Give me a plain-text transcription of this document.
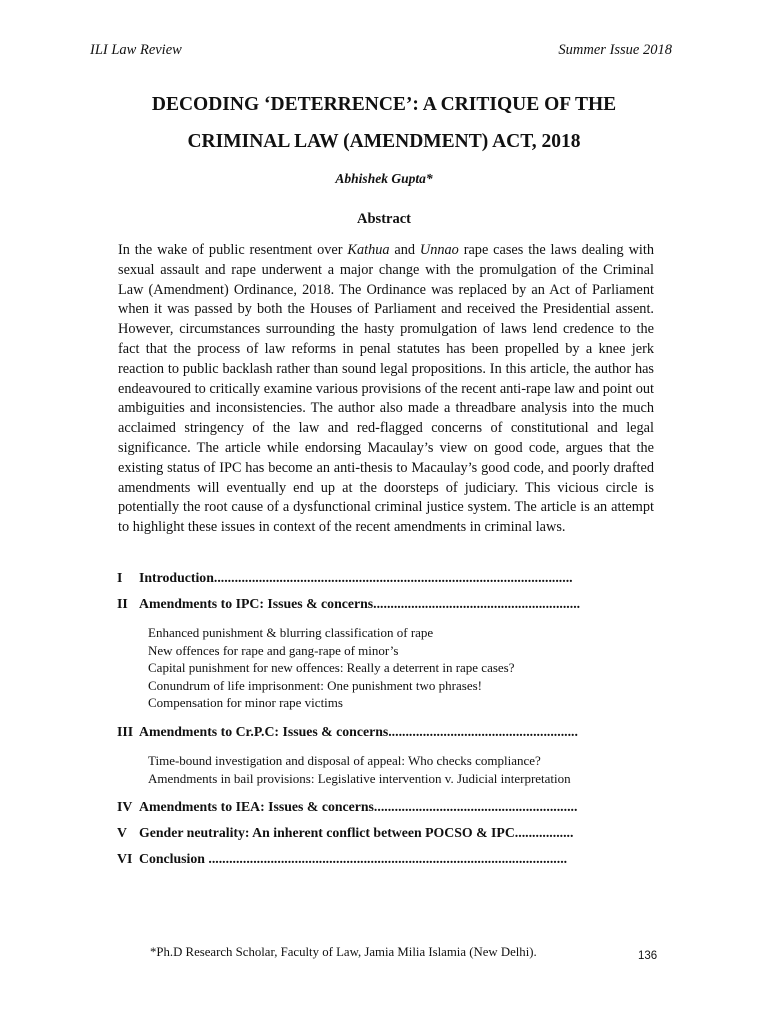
ILI Law Review	Summer Issue 2018
DECODING ‘DETERRENCE’: A CRITIQUE OF THE
CRIMINAL LAW (AMENDMENT) ACT, 2018
Abhishek Gupta*
Abstract
In the wake of public resentment over Kathua and Unnao rape cases the laws dealing with sexual assault and rape underwent a major change with the promulgation of the Criminal Law (Amendment) Ordinance, 2018. The Ordinance was replaced by an Act of Parliament when it was passed by both the Houses of Parliament and received the Presidential assent. However, circumstances surrounding the hasty promulgation of laws lend credence to the fact that the process of law reforms in penal statutes has been propelled by a knee jerk reaction to public backlash rather than sound legal propositions. In this article, the author has endeavoured to critically examine various provisions of the recent anti-rape law and point out ambiguities and inconsistencies. The author also made a threadbare analysis into the much acclaimed stringency of the law and red-flagged concerns of constitutional and legal significance. The article while endorsing Macaulay’s view on good code, argues that the existing status of IPC has become an anti-thesis to Macaulay’s good code, and poorly drafted amendments will eventually end up at the doorsteps of judiciary. This vicious circle is potentially the root cause of a dysfunctional criminal justice system. The article is an attempt to highlight these issues in context of the recent amendments in criminal laws.
I	Introduction........................................................................................................
II Amendments to IPC: Issues & concerns............................................................
Enhanced punishment & blurring classification of rape
New offences for rape and gang-rape of minor’s
Capital punishment for new offences: Really a deterrent in rape cases?
Conundrum of life imprisonment: One punishment two phrases!
Compensation for minor rape victims
III Amendments to Cr.P.C: Issues & concerns.......................................................
Time-bound investigation and disposal of appeal: Who checks compliance?
Amendments in bail provisions: Legislative intervention v. Judicial interpretation
IV Amendments to IEA: Issues & concerns...........................................................
V Gender neutrality: An inherent conflict between POCSO & IPC.................
VI Conclusion ........................................................................................................
*Ph.D Research Scholar, Faculty of Law, Jamia Milia Islamia (New Delhi).	136
